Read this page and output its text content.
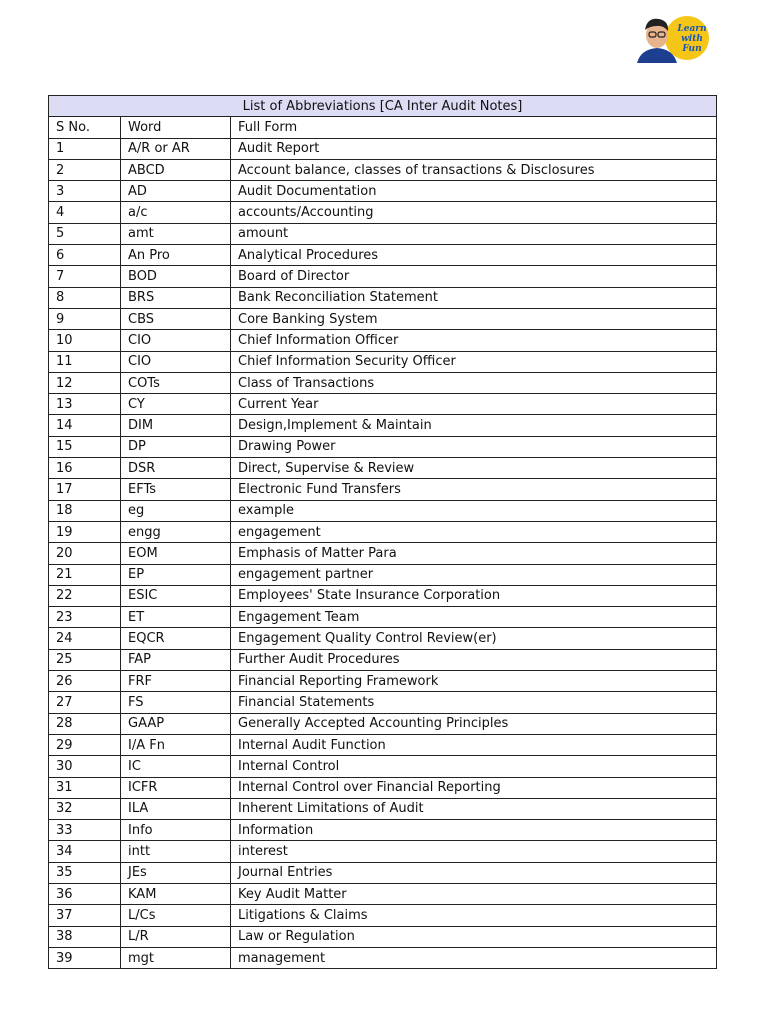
Learn
with
Fun
List of Abbreviations [CA Inter Audit Notes]		
S No.	Word	Full Form
1	A/R or AR	Audit Report
2	ABCD	Account balance, classes of transactions & Disclosures
3	AD	Audit Documentation
4	a/c	accounts/Accounting
5	amt	amount
6	An Pro	Analytical Procedures
7	BOD	Board of Director
8	BRS	Bank Reconciliation Statement
9	CBS	Core Banking System
10	CIO	Chief Information Officer
11	CIO	Chief Information Security Officer
12	COTs	Class of Transactions
13	CY	Current Year
14	DIM	Design,Implement & Maintain
15	DP	Drawing Power
16	DSR	Direct, Supervise & Review
17	EFTs	Electronic Fund Transfers
18	eg	example
19	engg	engagement
20	EOM	Emphasis of Matter Para
21	EP	engagement partner
22	ESIC	Employees' State Insurance Corporation
23	ET	Engagement Team
24	EQCR	Engagement Quality Control Review(er)
25	FAP	Further Audit Procedures
26	FRF	Financial Reporting Framework
27	FS	Financial Statements
28	GAAP	Generally Accepted Accounting Principles
29	I/A Fn	Internal Audit Function
30	IC	Internal Control
31	ICFR	Internal Control over Financial Reporting
32	ILA	Inherent Limitations of Audit
33	Info	Information
34	intt	interest
35	JEs	Journal Entries
36	KAM	Key Audit Matter
37	L/Cs	Litigations & Claims
38	L/R	Law or Regulation
39	mgt	management
